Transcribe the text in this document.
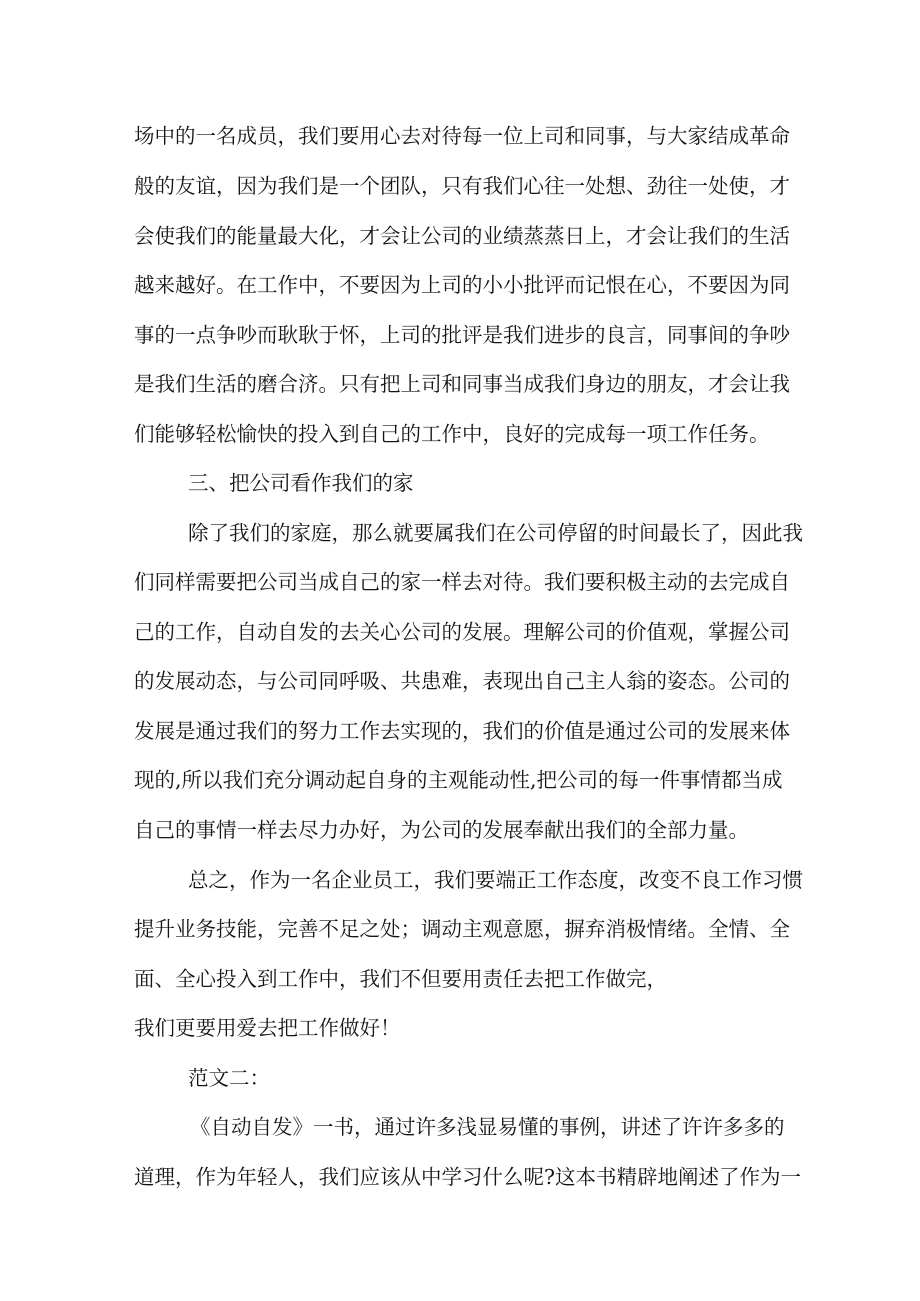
场中的一名成员，我们要用心去对待每一位上司和同事，与大家结成革命

般的友谊，因为我们是一个团队，只有我们心往一处想、劲往一处使，才

会使我们的能量最大化，才会让公司的业绩蒸蒸日上，才会让我们的生活

越来越好。在工作中，不要因为上司的小小批评而记恨在心，不要因为同

事的一点争吵而耿耿于怀，上司的批评是我们进步的良言，同事间的争吵

是我们生活的磨合济。只有把上司和同事当成我们身边的朋友，才会让我

们能够轻松愉快的投入到自己的工作中，良好的完成每一项工作任务。

三、把公司看作我们的家

除了我们的家庭，那么就要属我们在公司停留的时间最长了，因此我

们同样需要把公司当成自己的家一样去对待。我们要积极主动的去完成自

己的工作，自动自发的去关心公司的发展。理解公司的价值观，掌握公司

的发展动态，与公司同呼吸、共患难，表现出自己主人翁的姿态。公司的

发展是通过我们的努力工作去实现的，我们的价值是通过公司的发展来体

现的,所以我们充分调动起自身的主观能动性,把公司的每一件事情都当成

自己的事情一样去尽力办好，为公司的发展奉献出我们的全部力量。

总之，作为一名企业员工，我们要端正工作态度，改变不良工作习惯

提升业务技能，完善不足之处；调动主观意愿，摒弃消极情绪。全情、全

面、全心投入到工作中，我们不但要用责任去把工作做完，

我们更要用爱去把工作做好！

范文二：

《自动自发》一书，通过许多浅显易懂的事例，讲述了许许多多的

道理，作为年轻人，我们应该从中学习什么呢?这本书精辟地阐述了作为一
